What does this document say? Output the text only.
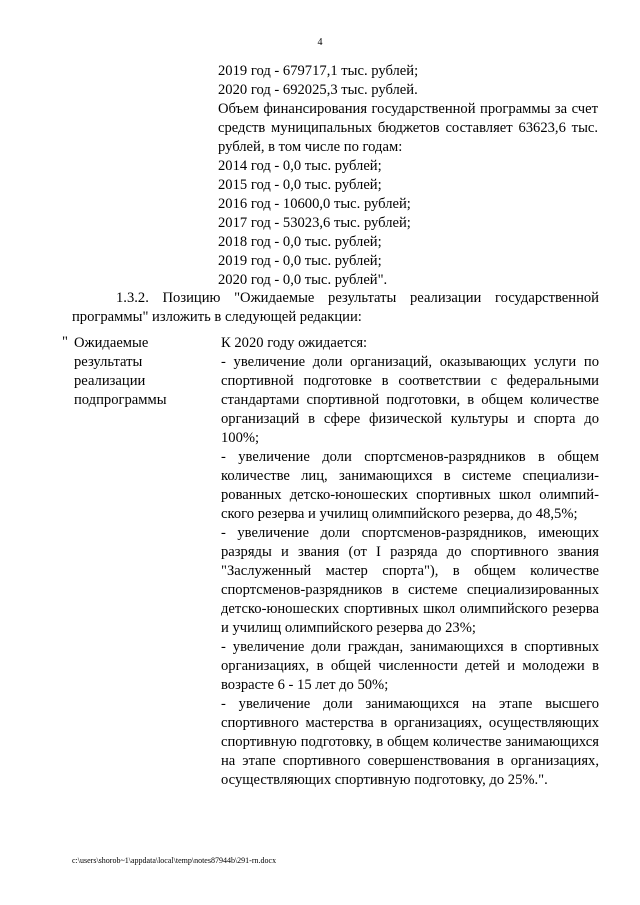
4
2019 год - 679717,1 тыс. рублей;
2020 год - 692025,3 тыс. рублей.
Объем финансирования государственной программы за счет средств муниципальных бюджетов составляет 63623,6 тыс. рублей, в том числе по годам:
2014 год - 0,0 тыс. рублей;
2015 год - 0,0 тыс. рублей;
2016 год - 10600,0 тыс. рублей;
2017 год - 53023,6 тыс. рублей;
2018 год - 0,0 тыс. рублей;
2019 год - 0,0 тыс. рублей;
2020 год - 0,0 тыс. рублей".
1.3.2. Позицию "Ожидаемые результаты реализации государственной программы" изложить в следующей редакции:
" Ожидаемые результаты реализации подпрограммы
К 2020 году ожидается:
- увеличение доли организаций, оказывающих услуги по спортивной подготовке в соответствии с федеральными стандартами спортивной подготовки, в общем количестве организаций в сфере физической культуры и спорта до 100%;
- увеличение доли спортсменов-разрядников в общем количестве лиц, занимающихся в системе специализированных детско-юношеских спортивных школ олимпийского резерва и училищ олимпийского резерва, до 48,5%;
- увеличение доли спортсменов-разрядников, имеющих разряды и звания (от I разряда до спортивного звания "Заслуженный мастер спорта"), в общем количестве спортсменов-разрядников в системе специализированных детско-юношеских спортивных школ олимпийского резерва и училищ олимпийского резерва до 23%;
- увеличение доли граждан, занимающихся в спортивных организациях, в общей численности детей и молодежи в возрасте 6 - 15 лет до 50%;
- увеличение доли занимающихся на этапе высшего спортивного мастерства в организациях, осуществляющих спортивную подготовку, в общем количестве занимающихся на этапе спортивного совершенствования в организациях, осуществляющих спортивную подготовку, до 25%.".
c:\users\shorob~1\appdata\local\temp\notes87944b\291-rn.docx
